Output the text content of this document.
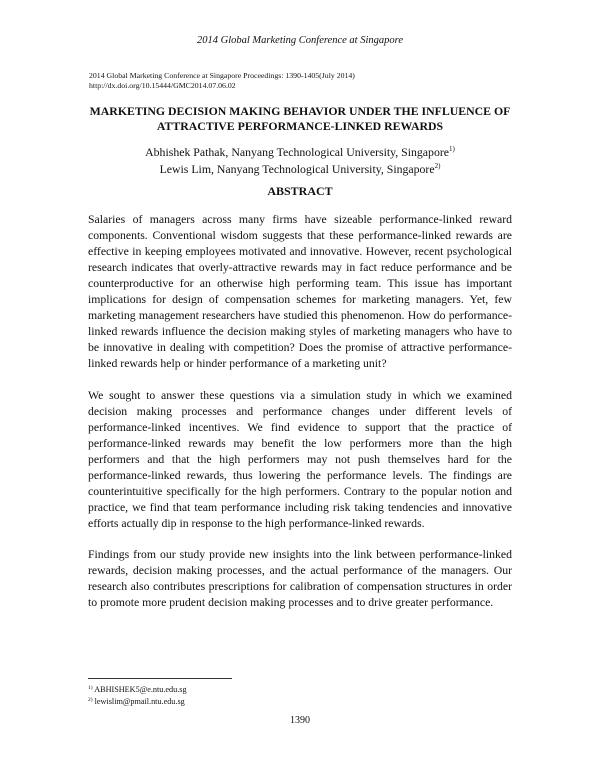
2014 Global Marketing Conference at Singapore
2014 Global Marketing Conference at Singapore Proceedings: 1390-1405(July 2014)
http://dx.doi.org/10.15444/GMC2014.07.06.02
MARKETING DECISION MAKING BEHAVIOR UNDER THE INFLUENCE OF
ATTRACTIVE PERFORMANCE-LINKED REWARDS
Abhishek Pathak, Nanyang Technological University, Singapore$^{1)}$
Lewis Lim, Nanyang Technological University, Singapore$^{2)}$
ABSTRACT

Salaries of managers across many firms have sizeable performance-linked reward components. Conventional wisdom suggests that these performance-linked rewards are effective in keeping employees motivated and innovative. However, recent psychological research indicates that overly-attractive rewards may in fact reduce performance and be counterproductive for an otherwise high performing team. This issue has important implications for design of compensation schemes for marketing managers. Yet, few marketing management researchers have studied this phenomenon. How do performance-linked rewards influence the decision making styles of marketing managers who have to be innovative in dealing with competition? Does the promise of attractive performance-linked rewards help or hinder performance of a marketing unit?

We sought to answer these questions via a simulation study in which we examined decision making processes and performance changes under different levels of performance-linked incentives. We find evidence to support that the practice of performance-linked rewards may benefit the low performers more than the high performers and that the high performers may not push themselves hard for the performance-linked rewards, thus lowering the performance levels. The findings are counterintuitive specifically for the high performers. Contrary to the popular notion and practice, we find that team performance including risk taking tendencies and innovative efforts actually dip in response to the high performance-linked rewards.

Findings from our study provide new insights into the link between performance-linked rewards, decision making processes, and the actual performance of the managers. Our research also contributes prescriptions for calibration of compensation structures in order to promote more prudent decision making processes and to drive greater performance.

$^{1)}$ ABHISHEK5@e.ntu.edu.sg
$^{2)}$ lewislim@pmail.ntu.edu.sg
1390
